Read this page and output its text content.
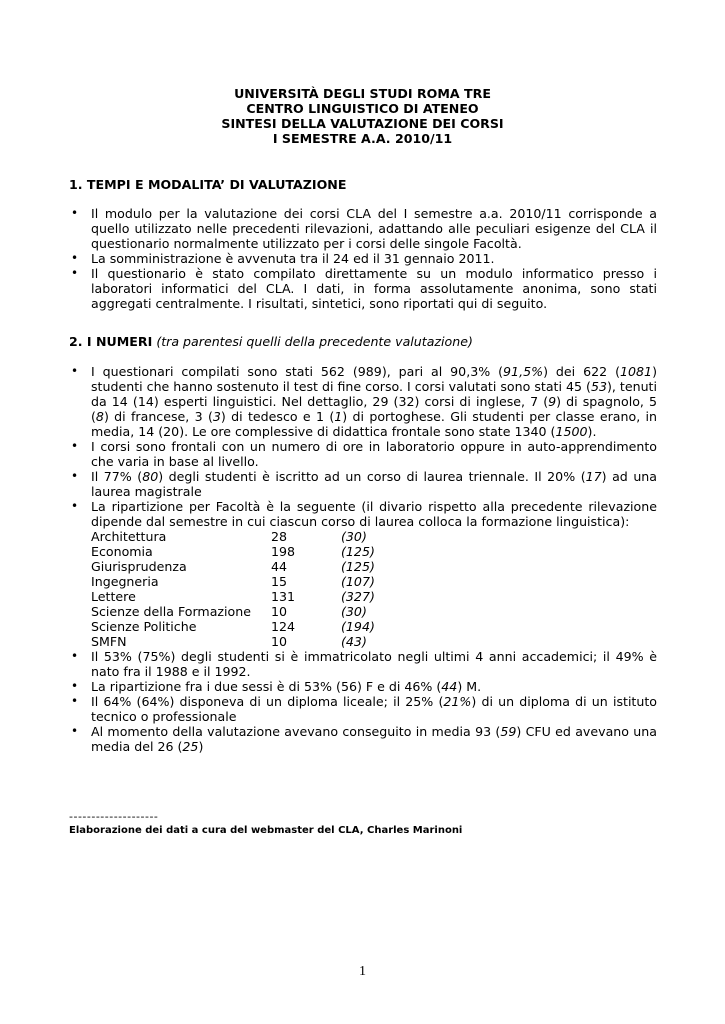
UNIVERSITÀ DEGLI STUDI ROMA TRE
CENTRO LINGUISTICO DI ATENEO
SINTESI DELLA VALUTAZIONE DEI CORSI
I SEMESTRE A.A. 2010/11
1. TEMPI E MODALITA’ DI VALUTAZIONE
• Il modulo per la valutazione dei corsi CLA del I semestre a.a. 2010/11 corrisponde a quello utilizzato nelle precedenti rilevazioni, adattando alle peculiari esigenze del CLA il questionario normalmente utilizzato per i corsi delle singole Facoltà.
• La somministrazione è avvenuta tra il 24 ed il 31 gennaio 2011.
• Il questionario è stato compilato direttamente su un modulo informatico presso i laboratori informatici del CLA. I dati, in forma assolutamente anonima, sono stati aggregati centralmente. I risultati, sintetici, sono riportati qui di seguito.
2. I NUMERI (tra parentesi quelli della precedente valutazione)
• I questionari compilati sono stati 562 (989), pari al 90,3% (91,5%) dei 622 (1081) studenti che hanno sostenuto il test di fine corso. I corsi valutati sono stati 45 (53), tenuti da 14 (14) esperti linguistici. Nel dettaglio, 29 (32) corsi di inglese, 7 (9) di spagnolo, 5 (8) di francese, 3 (3) di tedesco e 1 (1) di portoghese. Gli studenti per classe erano, in media, 14 (20). Le ore complessive di didattica frontale sono state 1340 (1500).
• I corsi sono frontali con un numero di ore in laboratorio oppure in auto-apprendimento che varia in base al livello.
• Il 77% (80) degli studenti è iscritto ad un corso di laurea triennale. Il 20% (17) ad una laurea magistrale
• La ripartizione per Facoltà è la seguente (il divario rispetto alla precedente rilevazione dipende dal semestre in cui ciascun corso di laurea colloca la formazione linguistica):
Architettura	28	(30)
Economia	198	(125)
Giurisprudenza	44	(125)
Ingegneria	15	(107)
Lettere	131	(327)
Scienze della Formazione	10	(30)
Scienze Politiche	124	(194)
SMFN	10	(43)
• Il 53% (75%) degli studenti si è immatricolato negli ultimi 4 anni accademici; il 49% è nato fra il 1988 e il 1992.
• La ripartizione fra i due sessi è di 53% (56) F e di 46% (44) M.
• Il 64% (64%) disponeva di un diploma liceale; il 25% (21%) di un diploma di un istituto tecnico o professionale
• Al momento della valutazione avevano conseguito in media 93 (59) CFU ed avevano una media del 26 (25)
--------------------
Elaborazione dei dati a cura del webmaster del CLA, Charles Marinoni
1
